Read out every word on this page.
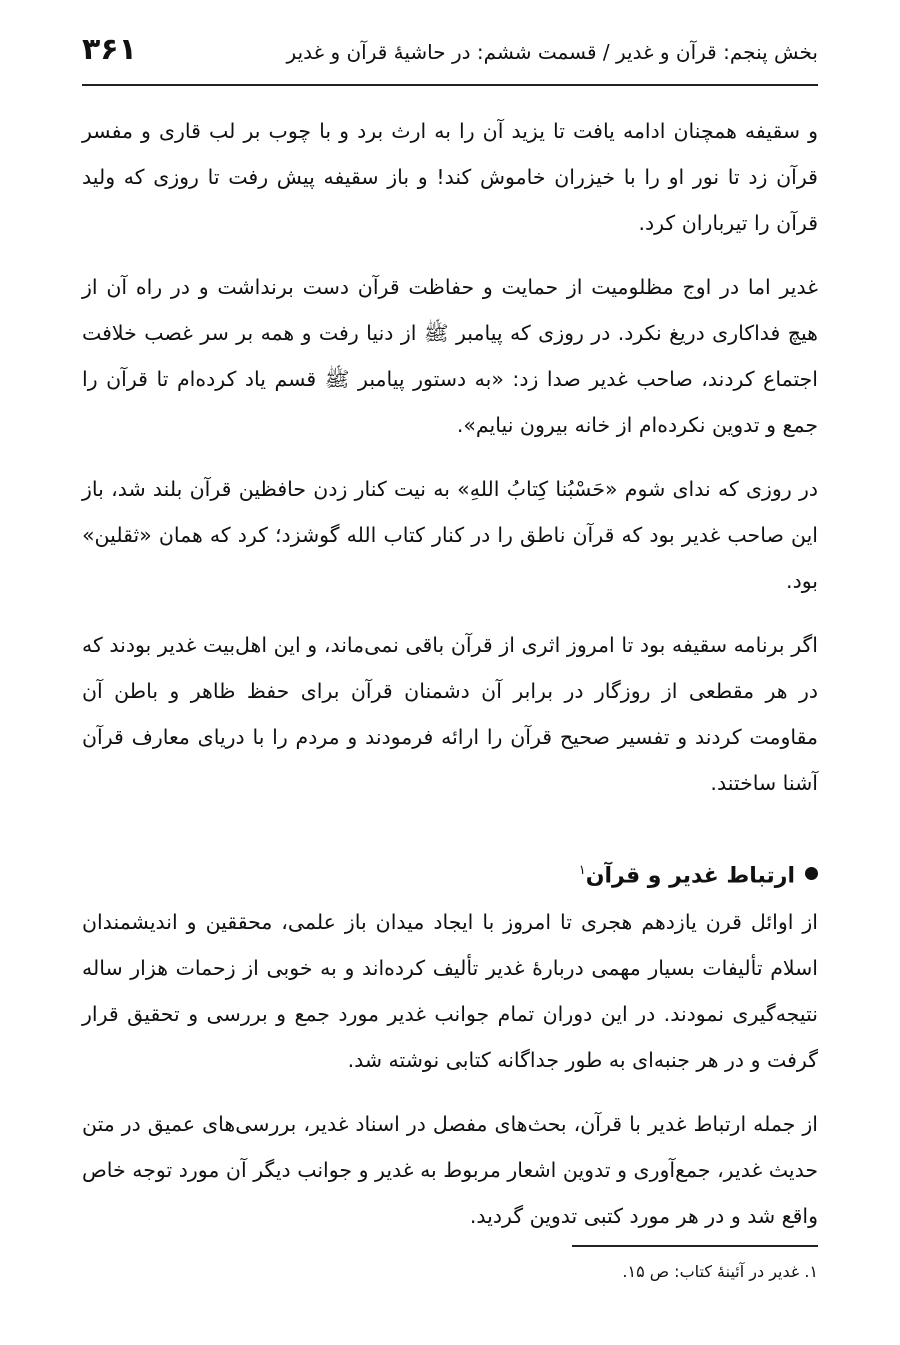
بخش پنجم: قرآن و غدیر / قسمت ششم: در حاشیهٔ قرآن و غدیر
۳۶۱

و سقیفه همچنان ادامه یافت تا یزید آن را به ارث برد و با چوب بر لب قاری و مفسر قرآن زد تا نور او را با خیزران خاموش کند! و باز سقیفه پیش رفت تا روزی که ولید قرآن را تیرباران کرد.

غدیر اما در اوج مظلومیت از حمایت و حفاظت قرآن دست برنداشت و در راه آن از هیچ فداکاری دریغ نکرد. در روزی که پیامبر ﷺ از دنیا رفت و همه بر سر غصب خلافت اجتماع کردند، صاحب غدیر صدا زد: «به دستور پیامبر ﷺ قسم یاد کرده‌ام تا قرآن را جمع و تدوین نکرده‌ام از خانه بیرون نیایم».

در روزی که ندای شوم «حَسْبُنا کِتابُ اللهِ» به نیت کنار زدن حافظین قرآن بلند شد، باز این صاحب غدیر بود که قرآن ناطق را در کنار کتاب الله گوشزد؛ کرد که همان «ثقلین» بود.

اگر برنامه سقیفه بود تا امروز اثری از قرآن باقی نمی‌ماند، و این اهل‌بیت غدیر بودند که در هر مقطعی از روزگار در برابر آن دشمنان قرآن برای حفظ ظاهر و باطن آن مقاومت کردند و تفسیر صحیح قرآن را ارائه فرمودند و مردم را با دریای معارف قرآن آشنا ساختند.

ارتباط غدیر و قرآن$^۱$

از اوائل قرن یازدهم هجری تا امروز با ایجاد میدان باز علمی، محققین و اندیشمندان اسلام تألیفات بسیار مهمی دربارهٔ غدیر تألیف کرده‌اند و به خوبی از زحمات هزار ساله نتیجه‌گیری نمودند. در این دوران تمام جوانب غدیر مورد جمع و بررسی و تحقیق قرار گرفت و در هر جنبه‌ای به طور جداگانه کتابی نوشته شد.

از جمله ارتباط غدیر با قرآن، بحث‌های مفصل در اسناد غدیر، بررسی‌های عمیق در متن حدیث غدیر، جمع‌آوری و تدوین اشعار مربوط به غدیر و جوانب دیگر آن مورد توجه خاص واقع شد و در هر مورد کتبی تدوین گردید.

۱. غدیر در آئینهٔ کتاب: ص ۱۵.
